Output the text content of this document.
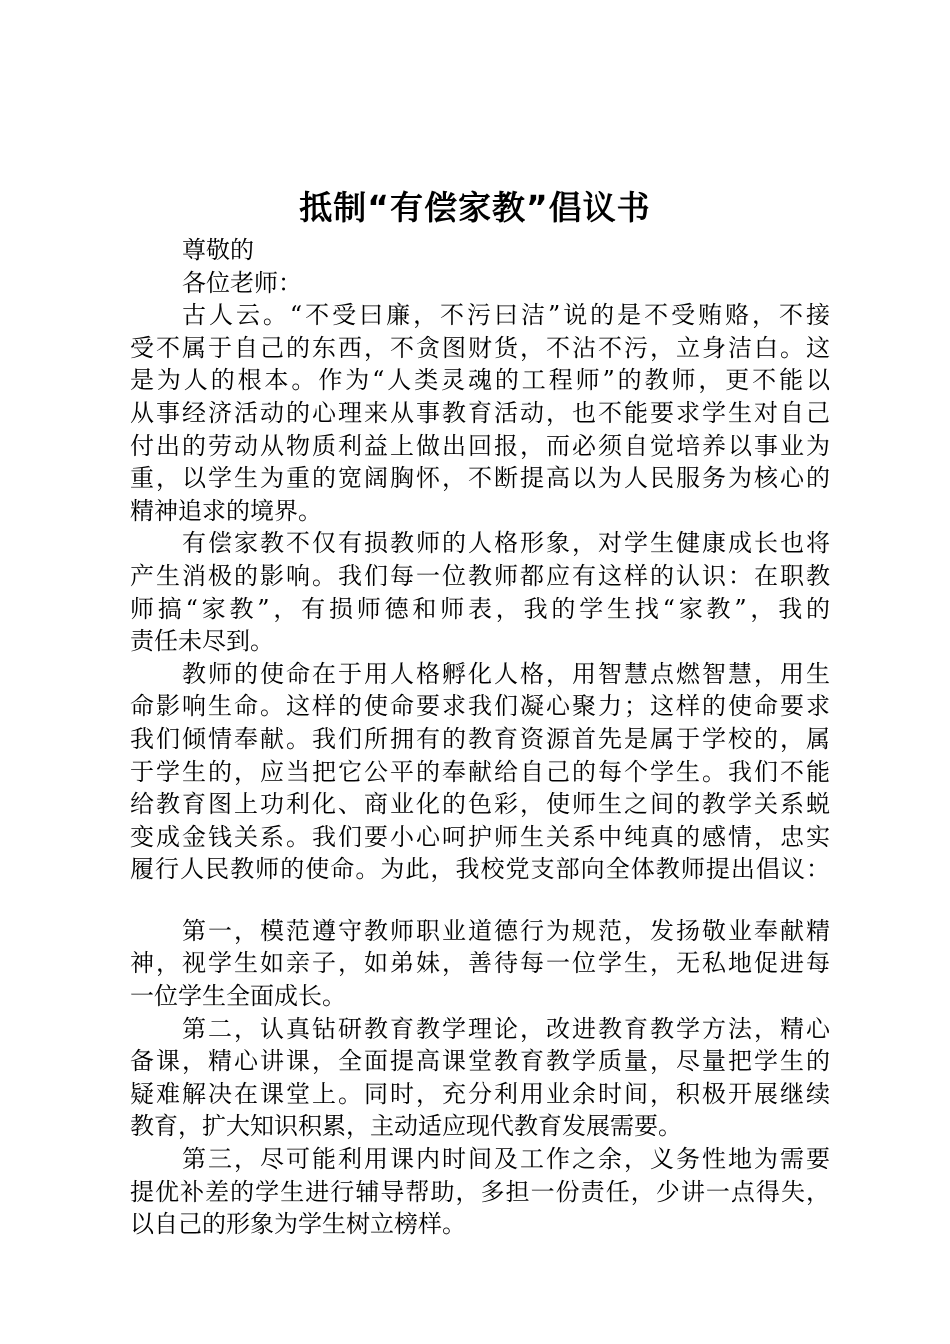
抵制“有偿家教”倡议书
尊敬的
各位老师：
古人云。“不受曰廉，不污曰洁”说的是不受贿赂，不接
受不属于自己的东西，不贪图财货，不沾不污，立身洁白。这
是为人的根本。作为“人类灵魂的工程师”的教师，更不能以
从事经济活动的心理来从事教育活动，也不能要求学生对自己
付出的劳动从物质利益上做出回报，而必须自觉培养以事业为
重，以学生为重的宽阔胸怀，不断提高以为人民服务为核心的
精神追求的境界。
有偿家教不仅有损教师的人格形象，对学生健康成长也将
产生消极的影响。我们每一位教师都应有这样的认识：在职教
师搞“家教”，有损师德和师表，我的学生找“家教”，我的
责任未尽到。
教师的使命在于用人格孵化人格，用智慧点燃智慧，用生
命影响生命。这样的使命要求我们凝心聚力；这样的使命要求
我们倾情奉献。我们所拥有的教育资源首先是属于学校的，属
于学生的，应当把它公平的奉献给自己的每个学生。我们不能
给教育图上功利化、商业化的色彩，使师生之间的教学关系蜕
变成金钱关系。我们要小心呵护师生关系中纯真的感情，忠实
履行人民教师的使命。为此，我校党支部向全体教师提出倡议：
第一，模范遵守教师职业道德行为规范，发扬敬业奉献精
神，视学生如亲子，如弟妹，善待每一位学生，无私地促进每
一位学生全面成长。
第二，认真钻研教育教学理论，改进教育教学方法，精心
备课，精心讲课，全面提高课堂教育教学质量，尽量把学生的
疑难解决在课堂上。同时，充分利用业余时间，积极开展继续
教育，扩大知识积累，主动适应现代教育发展需要。
第三，尽可能利用课内时间及工作之余，义务性地为需要
提优补差的学生进行辅导帮助，多担一份责任，少讲一点得失，
以自己的形象为学生树立榜样。
